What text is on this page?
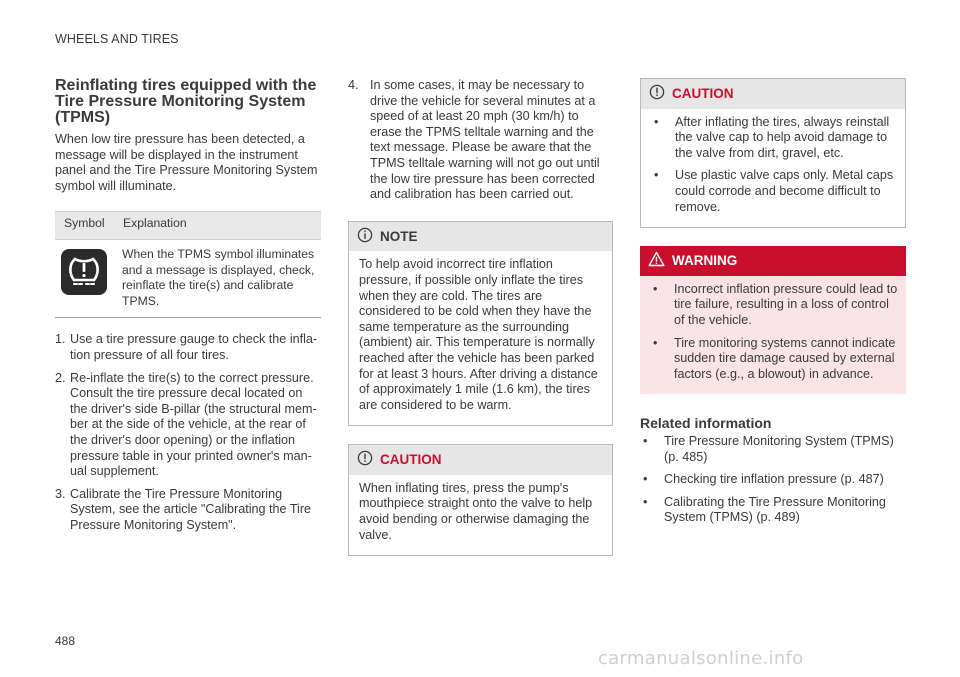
WHEELS AND TIRES
Reinflating tires equipped with the Tire Pressure Monitoring System (TPMS)

When low tire pressure has been detected, a message will be displayed in the instrument panel and the Tire Pressure Monitoring System symbol will illuminate.

Symbol	Explanation

	When the TPMS symbol illuminates and a message is displayed, check, reinflate the tire(s) and calibrate TPMS.
1. Use a tire pressure gauge to check the inflation pressure of all four tires.
2. Re-inflate the tire(s) to the correct pressure. Consult the tire pressure decal located on the driver's side B-pillar (the structural member at the side of the vehicle, at the rear of the driver's door opening) or the inflation pressure table in your printed owner's manual supplement.
3. Calibrate the Tire Pressure Monitoring System, see the article "Calibrating the Tire Pressure Monitoring System".
4. In some cases, it may be necessary to drive the vehicle for several minutes at a speed of at least 20 mph (30 km/h) to erase the TPMS telltale warning and the text message. Please be aware that the TPMS telltale warning will not go out until the low tire pressure has been corrected and calibration has been carried out.
NOTE
To help avoid incorrect tire inflation pressure, if possible only inflate the tires when they are cold. The tires are considered to be cold when they have the same temperature as the surrounding (ambient) air. This temperature is normally reached after the vehicle has been parked for at least 3 hours. After driving a distance of approximately 1 mile (1.6 km), the tires are considered to be warm.
CAUTION
When inflating tires, press the pump's mouthpiece straight onto the valve to help avoid bending or otherwise damaging the valve.
CAUTION
• After inflating the tires, always reinstall the valve cap to help avoid damage to the valve from dirt, gravel, etc.
• Use plastic valve caps only. Metal caps could corrode and become difficult to remove.
WARNING
• Incorrect inflation pressure could lead to tire failure, resulting in a loss of control of the vehicle.
• Tire monitoring systems cannot indicate sudden tire damage caused by external factors (e.g., a blowout) in advance.
Related information
• Tire Pressure Monitoring System (TPMS) (p. 485)
• Checking tire inflation pressure (p. 487)
• Calibrating the Tire Pressure Monitoring System (TPMS) (p. 489)
488
carmanualsonline.info
